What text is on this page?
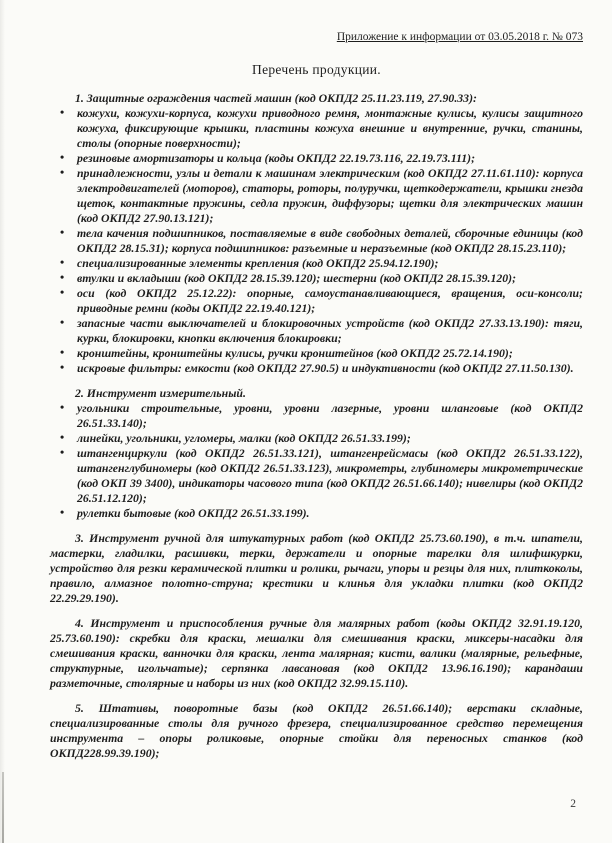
Приложение к информации от 03.05.2018 г. № 073

Перечень продукции.

1. Защитные ограждения частей машин (код ОКПД2 25.11.23.119, 27.90.33):

• кожухи, кожухи-корпуса, кожухи приводного ремня, монтажные кулисы, кулисы защитного кожуха, фиксирующие крышки, пластины кожуха внешние и внутренние, ручки, станины, столы (опорные поверхности);
• резиновые амортизаторы и кольца (коды ОКПД2 22.19.73.116, 22.19.73.111);
• принадлежности, узлы и детали к машинам электрическим (код ОКПД2 27.11.61.110): корпуса электродвигателей (моторов), статоры, роторы, полуручки, щеткодержатели, крышки гнезда щеток, контактные пружины, седла пружин, диффузоры; щетки для электрических машин (код ОКПД2 27.90.13.121);
• тела качения подшипников, поставляемые в виде свободных деталей, сборочные единицы (код ОКПД2 28.15.31); корпуса подшипников: разъемные и неразъемные (код ОКПД2 28.15.23.110);
• специализированные элементы крепления (код ОКПД2 25.94.12.190);
• втулки и вкладыши (код ОКПД2 28.15.39.120); шестерни (код ОКПД2 28.15.39.120);
• оси (код ОКПД2 25.12.22): опорные, самоустанавливающиеся, вращения, оси-консоли; приводные ремни (коды ОКПД2 22.19.40.121);
• запасные части выключателей и блокировочных устройств (код ОКПД2 27.33.13.190): тяги, курки, блокировки, кнопки включения блокировки;
• кронштейны, кронштейны кулисы, ручки кронштейнов (код ОКПД2 25.72.14.190);
• искровые фильтры: емкости (код ОКПД2 27.90.5) и индуктивности (код ОКПД2 27.11.50.130).

2. Инструмент измерительный.

• угольники строительные, уровни, уровни лазерные, уровни шланговые (код ОКПД2 26.51.33.140);
• линейки, угольники, угломеры, малки (код ОКПД2 26.51.33.199);
• штангенциркули (код ОКПД2 26.51.33.121), штангенрейсмасы (код ОКПД2 26.51.33.122), штангенглубиномеры (код ОКПД2 26.51.33.123), микрометры, глубиномеры микрометрические (код ОКП 39 3400), индикаторы часового типа (код ОКПД2 26.51.66.140); нивелиры (код ОКПД2 26.51.12.120);
• рулетки бытовые (код ОКПД2 26.51.33.199).

3. Инструмент ручной для штукатурных работ (код ОКПД2 25.73.60.190), в т.ч. шпатели, мастерки, гладилки, расшивки, терки, держатели и опорные тарелки для шлифшкурки, устройство для резки керамической плитки и ролики, рычаги, упоры и резцы для них, плиткоколы, правило, алмазное полотно-струна; крестики и клинья для укладки плитки (код ОКПД2 22.29.29.190).

4. Инструмент и приспособления ручные для малярных работ (коды ОКПД2 32.91.19.120, 25.73.60.190): скребки для краски, мешалки для смешивания краски, миксеры-насадки для смешивания краски, ванночки для краски, лента малярная; кисти, валики (малярные, рельефные, структурные, игольчатые); серпянка лавсановая (код ОКПД2 13.96.16.190); карандаши разметочные, столярные и наборы из них (код ОКПД2 32.99.15.110).

5. Штативы, поворотные базы (код ОКПД2 26.51.66.140); верстаки складные, специализированные столы для ручного фрезера, специализированное средство перемещения инструмента – опоры роликовые, опорные стойки для переносных станков (код ОКПД228.99.39.190);

2
